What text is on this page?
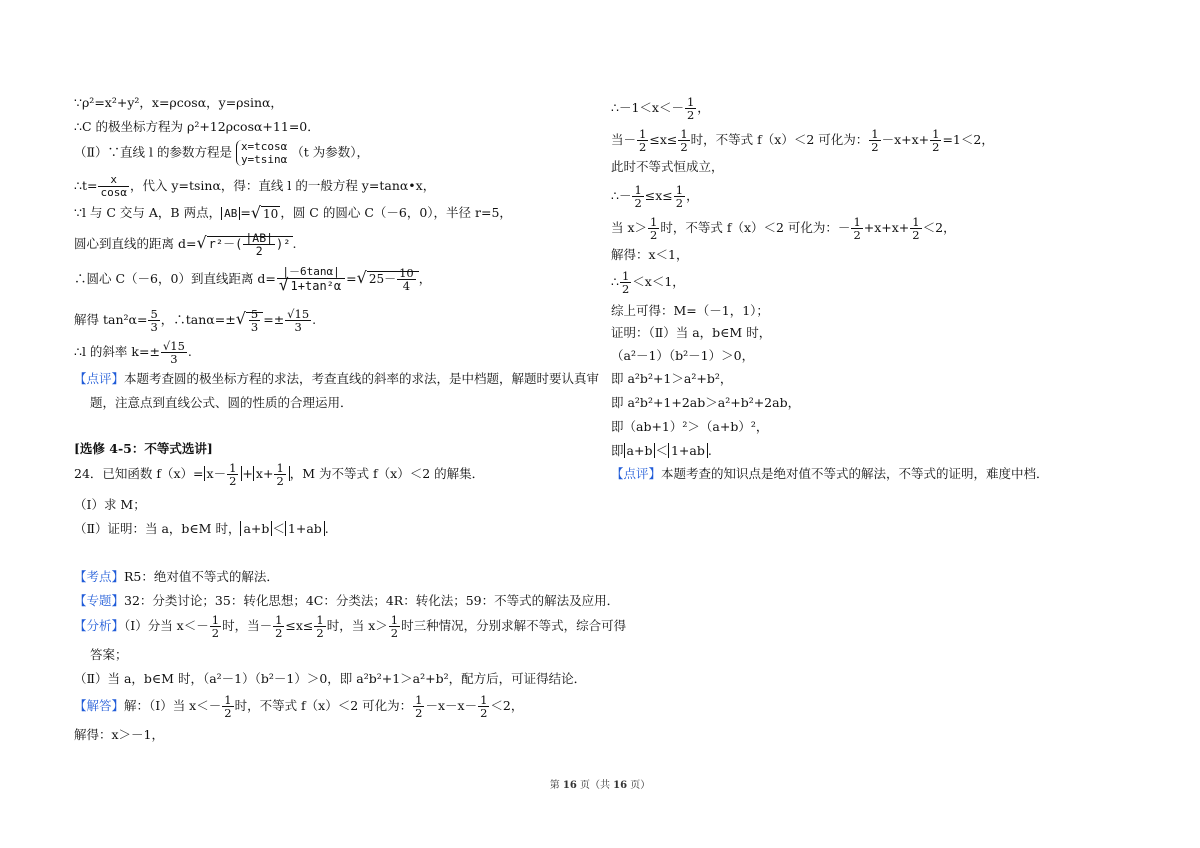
∵ρ²=x²+y²，x=ρcosα，y=ρsinα，
∴C 的极坐标方程为 ρ²+12ρcosα+11=0．
（Ⅱ）∵直线 l 的参数方程是 x=tcosα
y=tsinα （t 为参数），
∴t= $\frac{x}{\cos\alpha}$ ，代入 y=tsinα，得：直线 l 的一般方程 y=tanα•x，
∵l 与 C 交与 A，B 两点， AB =√ 10 ，圆 C 的圆心 C（－6，0），半径 r=5，
圆心到直线的距离 d=√ $r^2-( \frac{|AB|}{2} )^2$ .
∴圆心 C（－6，0）到直线距离 $d= \frac{|-6\tan\alpha|}{\text{√ 1+tan²α}}$ =√ $25- \frac{10}{4}$ ，
解得 $\tan^2\alpha= \frac{5}{3}$ ，∴tanα=±√ $\frac{5}{3} =\pm \frac{√15}{3}$ .
∴l 的斜率 $k=\pm \frac{√15}{3}$ .
【点评】本题考查圆的极坐标方程的求法，考查直线的斜率的求法，是中档题，解题时要认真审
题，注意点到直线公式、圆的性质的合理运用．
[选修 4-5：不等式选讲]
24．已知函数 $f(x)= x- \frac{1}{2} + x+ \frac{1}{2}$ ，M 为不等式 f（x）＜2 的解集．
（Ⅰ）求 M；
（Ⅱ）证明：当 a，b∈M 时， a+b ＜ 1+ab .
【考点】R5：绝对值不等式的解法．
【专题】32：分类讨论；35：转化思想；4C：分类法；4R：转化法；59：不等式的解法及应用．
【分析】（I）分当 $x<- \frac{1}{2}$ 时，当－ $\frac{1}{2} \le x\le \frac{1}{2}$ 时，当 $x> \frac{1}{2}$ 时三种情况，分别求解不等式，综合可得
答案；
（Ⅱ）当 a，b∈M 时，（a²－1）（b²－1）＞0，即 a²b²+1＞a²+b²，配方后，可证得结论．
【解答】解：（I）当 $x<- \frac{1}{2}$ 时，不等式 f（x）＜2 可化为： $\frac{1}{2} -x-x- \frac{1}{2} <2$，
解得：x＞－1，
∴－1＜x＜－ $\frac{1}{2}$ ，
当－ $\frac{1}{2} \le x\le \frac{1}{2}$ 时，不等式 f（x）＜2 可化为： $\frac{1}{2} -x+x+ \frac{1}{2} =1<2$，
此时不等式恒成立，
∴－ $\frac{1}{2} \le x\le \frac{1}{2}$ ，
当 $x> \frac{1}{2}$ 时，不等式 f（x）＜2 可化为：－ $\frac{1}{2} +x+x+ \frac{1}{2} <2$，
解得：x＜1，
∴ $\frac{1}{2} <x<1$，
综上可得：M=（－1，1）；
证明：（Ⅱ）当 a，b∈M 时，
（a²－1）（b²－1）＞0，
即 a²b²+1＞a²+b²，
即 a²b²+1+2ab＞a²+b²+2ab，
即（ab+1）²＞（a+b）²，
即 a+b ＜ 1+ab .
【点评】本题考查的知识点是绝对值不等式的解法，不等式的证明，难度中档．
第 16 页（共 16 页）
